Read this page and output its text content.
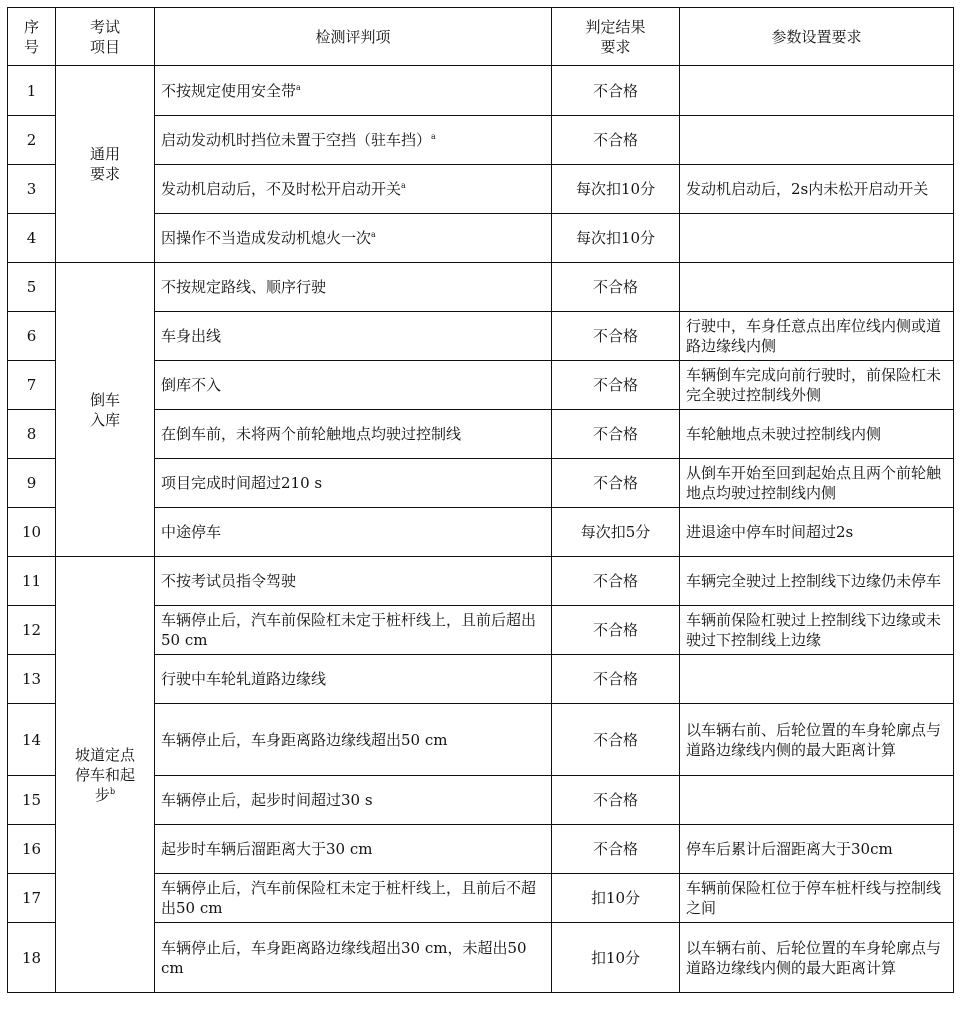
序号	考试项目	检测评判项	判定结果要求	参数设置要求
1	通用要求	不按规定使用安全带$^a$	不合格	
2		启动发动机时挡位未置于空挡（驻车挡）$^a$	不合格	
3		发动机启动后，不及时松开启动开关$^a$	每次扣10分	发动机启动后，2s内未松开启动开关
4		因操作不当造成发动机熄火一次$^a$	每次扣10分	
5	倒车入库	不按规定路线、顺序行驶	不合格	
6		车身出线	不合格	行驶中，车身任意点出库位线内侧或道路边缘线内侧
7		倒库不入	不合格	车辆倒车完成向前行驶时，前保险杠未完全驶过控制线外侧
8		在倒车前，未将两个前轮触地点均驶过控制线	不合格	车轮触地点未驶过控制线内侧
9		项目完成时间超过210 s	不合格	从倒车开始至回到起始点且两个前轮触地点均驶过控制线内侧
10		中途停车	每次扣5分	进退途中停车时间超过2s
11	坡道定点停车和起步$^b$	不按考试员指令驾驶	不合格	车辆完全驶过上控制线下边缘仍未停车
12		车辆停止后，汽车前保险杠未定于桩杆线上，且前后超出50 cm	不合格	车辆前保险杠驶过上控制线下边缘或未驶过下控制线上边缘
13		行驶中车轮轧道路边缘线	不合格	
14		车辆停止后，车身距离路边缘线超出50 cm	不合格	以车辆右前、后轮位置的车身轮廓点与道路边缘线内侧的最大距离计算
15		车辆停止后，起步时间超过30 s	不合格	
16		起步时车辆后溜距离大于30 cm	不合格	停车后累计后溜距离大于30cm
17		车辆停止后，汽车前保险杠未定于桩杆线上，且前后不超出50 cm	扣10分	车辆前保险杠位于停车桩杆线与控制线之间
18		车辆停止后，车身距离路边缘线超出30 cm，未超出50 cm	扣10分	以车辆右前、后轮位置的车身轮廓点与道路边缘线内侧的最大距离计算
